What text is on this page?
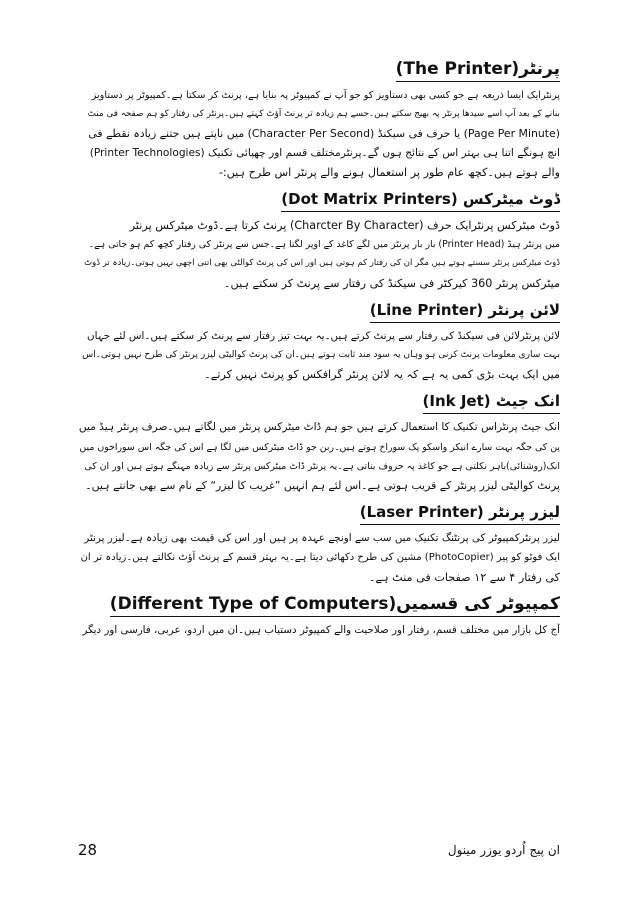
پرنٹر(The Printer)

پرنٹرایک ایسا ذریعہ ہے جو کسی بھی دستاویز کو جو آپ نے کمپیوٹر پہ بنایا ہے، پرنٹ کر سکتا ہے۔کمپیوٹر پر دستاویز

بنانے کے بعد آپ اسے سیدھا پرنٹر پہ بھیج سکتے ہیں۔جسے ہم زیادہ تر پرنٹ آؤٹ کہتے ہیں۔پرنٹر کی رفتار کو ہم صفحہ فی منٹ

(Page Per Minute) یا حرف فی سیکنڈ (Character Per Second) میں ناپتے ہیں جتنے زیادہ نقطے فی

انچ ہونگے اتنا ہی بہتر اس کے نتائج ہوں گے۔پرنٹرمختلف قسم اور چھپائی تکنیک (Printer Technologies)

والے ہوتے ہیں۔کچھ عام طور پر استعمال ہونے والے پرنٹر اس طرح ہیں:-

ڈوٹ میٹرکس (Dot Matrix Printers)

ڈوٹ میٹرکس پرنٹرایک حرف (Charcter By Character) پرنٹ کرتا ہے۔ڈوٹ میٹرکس پرنٹر

میں پرنٹر ہیڈ (Printer Head) بار بار پرنٹر میں لگے کاغذ کے اوپر لگتا ہے۔جس سے پرنٹر کی رفتار کچھ کم ہو جاتی ہے۔

ڈوٹ میٹرکس پرنٹر سستے ہوتے ہیں مگر ان کی رفتار کم ہوتی ہیں اور اس کی پرنٹ کوالٹی بھی اتنی اچھی نہیں ہوتی۔زیادہ تر ڈوٹ

میٹرکس پرنٹر 360 کیرکٹر فی سیکنڈ کی رفتار سے پرنٹ کر سکتے ہیں۔

لائن پرنٹر (Line Printer)

لائن پرنٹرلائن فی سیکنڈ کی رفتار سے پرنٹ کرتے ہیں۔یہ بہت تیز رفتار سے پرنٹ کر سکتے ہیں۔اس لئے جہاں

بہت ساری معلومات پرنٹ کرنی ہو وہاں یہ سود مند ثابت ہوتے ہیں۔ان کی پرنٹ کوالیٹی لیزر پرنٹر کی طرح نہیں ہوتی۔اس

میں ایک بہت بڑی کمی یہ ہے کہ یہ لائن پرنٹر گرافکس کو پرنٹ نہیں کرتے۔

انک جیٹ (Ink Jet)

انک جیٹ پرنٹراس تکنیک کا استعمال کرتے ہیں جو ہم ڈاٹ میٹرکس پرنٹر میں لگاتے ہیں۔صرف پرنٹر ہیڈ میں

پن کی جگہ بہت سارے انیکر واسکو پک سوراخ ہوتے ہیں۔ربن جو ڈاٹ میٹرکس میں لگا ہے اس کی جگہ اس سوراخوں میں

انک(روشنائی)باہر نکلتی ہے جو کاغذ پہ حروف بناتی ہے۔یہ پرنٹر ڈاٹ میٹرکس پرنٹر سے زیادہ مہنگے ہوتے ہیں اور ان کی

پرنٹ کوالیٹی لیزر پرنٹر کے قریب ہوتی ہے۔اس لئے ہم انہیں ”غریب کا لیزر“ کے نام سے بھی جانتے ہیں۔

لیزر پرنٹر (Laser Printer)

لیزر پرنٹرکمپیوٹر کی پرنٹنگ تکنیک میں سب سے اونچے عہدہ پر ہیں اور اس کی قیمت بھی زیادہ ہے۔لیزر پرنٹر

ایک فوٹو کو پیر (PhotoCopier) مشین کی طرح دکھائی دیتا ہے۔یہ بہتر قسم کے پرنٹ آؤٹ نکالتے ہیں۔زیادہ تر ان

کی رفتار ۴ سے ۱۲ صفحات فی منٹ ہے۔

کمپیوٹر کی قسمیں(Different Type of Computers)

آج کل بازار میں مختلف قسم، رفتار اور صلاحیت والے کمپیوٹر دستیاب ہیں۔ان میں اردو، عربی، فارسی اور دیگر

28	ان پیج اُردو یوزر مینول
